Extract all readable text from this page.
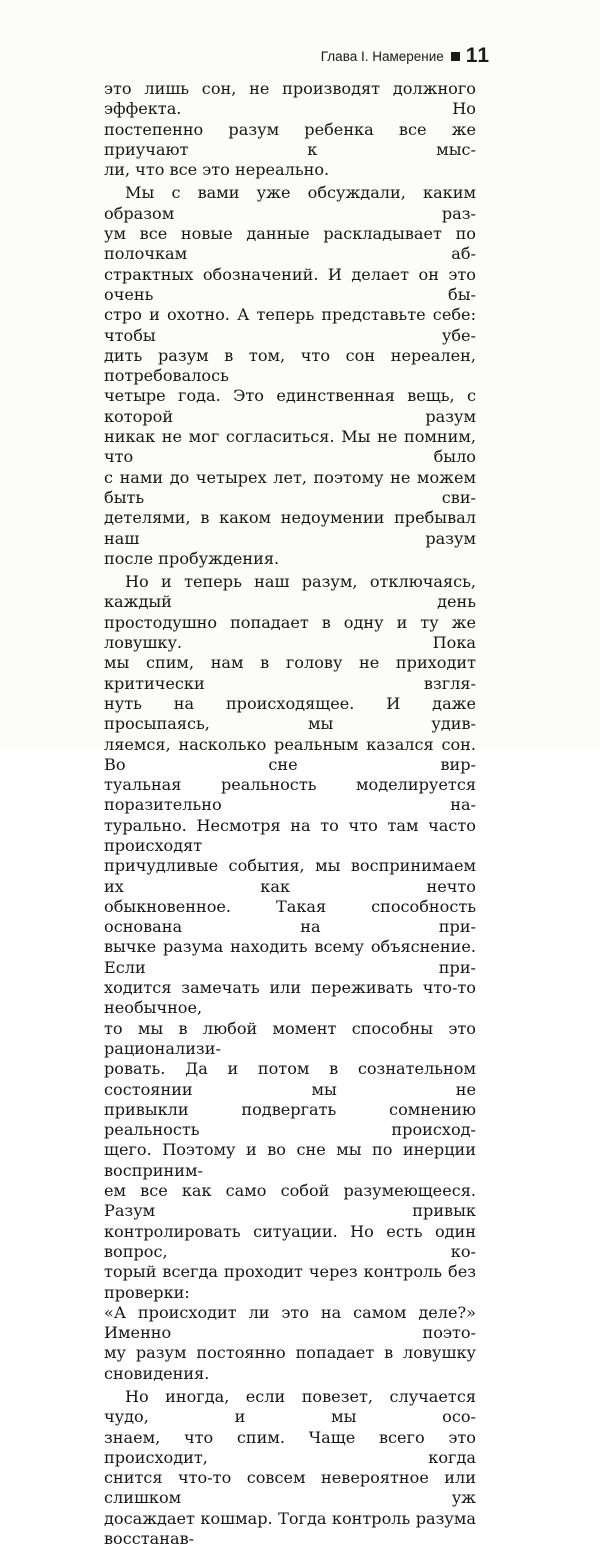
Глава I. Намерение 11

это лишь сон, не производят должного эффекта. Но

постепенно разум ребенка все же приучают к мыс-

ли, что все это нереально.

Мы с вами уже обсуждали, каким образом раз-

ум все новые данные раскладывает по полочкам аб-

страктных обозначений. И делает он это очень бы-

стро и охотно. А теперь представьте себе: чтобы убе-

дить разум в том, что сон нереален, потребовалось

четыре года. Это единственная вещь, с которой разум

никак не мог согласиться. Мы не помним, что было

с нами до четырех лет, поэтому не можем быть сви-

детелями, в каком недоумении пребывал наш разум

после пробуждения.

Но и теперь наш разум, отключаясь, каждый день

простодушно попадает в одну и ту же ловушку. Пока

мы спим, нам в голову не приходит критически взгля-

нуть на происходящее. И даже просыпаясь, мы удив-

ляемся, насколько реальным казался сон. Во сне вир-

туальная реальность моделируется поразительно на-

турально. Несмотря на то что там часто происходят

причудливые события, мы воспринимаем их как нечто

обыкновенное. Такая способность основана на при-

вычке разума находить всему объяснение. Если при-

ходится замечать или переживать что-то необычное,

то мы в любой момент способны это рационализи-

ровать. Да и потом в сознательном состоянии мы не

привыкли подвергать сомнению реальность происход-

щего. Поэтому и во сне мы по инерции восприним-

ем все как само собой разумеющееся. Разум привык

контролировать ситуации. Но есть один вопрос, ко-

торый всегда проходит через контроль без проверки:

«А происходит ли это на самом деле?» Именно поэто-

му разум постоянно попадает в ловушку сновидения.

Но иногда, если повезет, случается чудо, и мы осо-

знаем, что спим. Чаще всего это происходит, когда

снится что-то совсем невероятное или слишком уж

досаждает кошмар. Тогда контроль разума восстанав-
